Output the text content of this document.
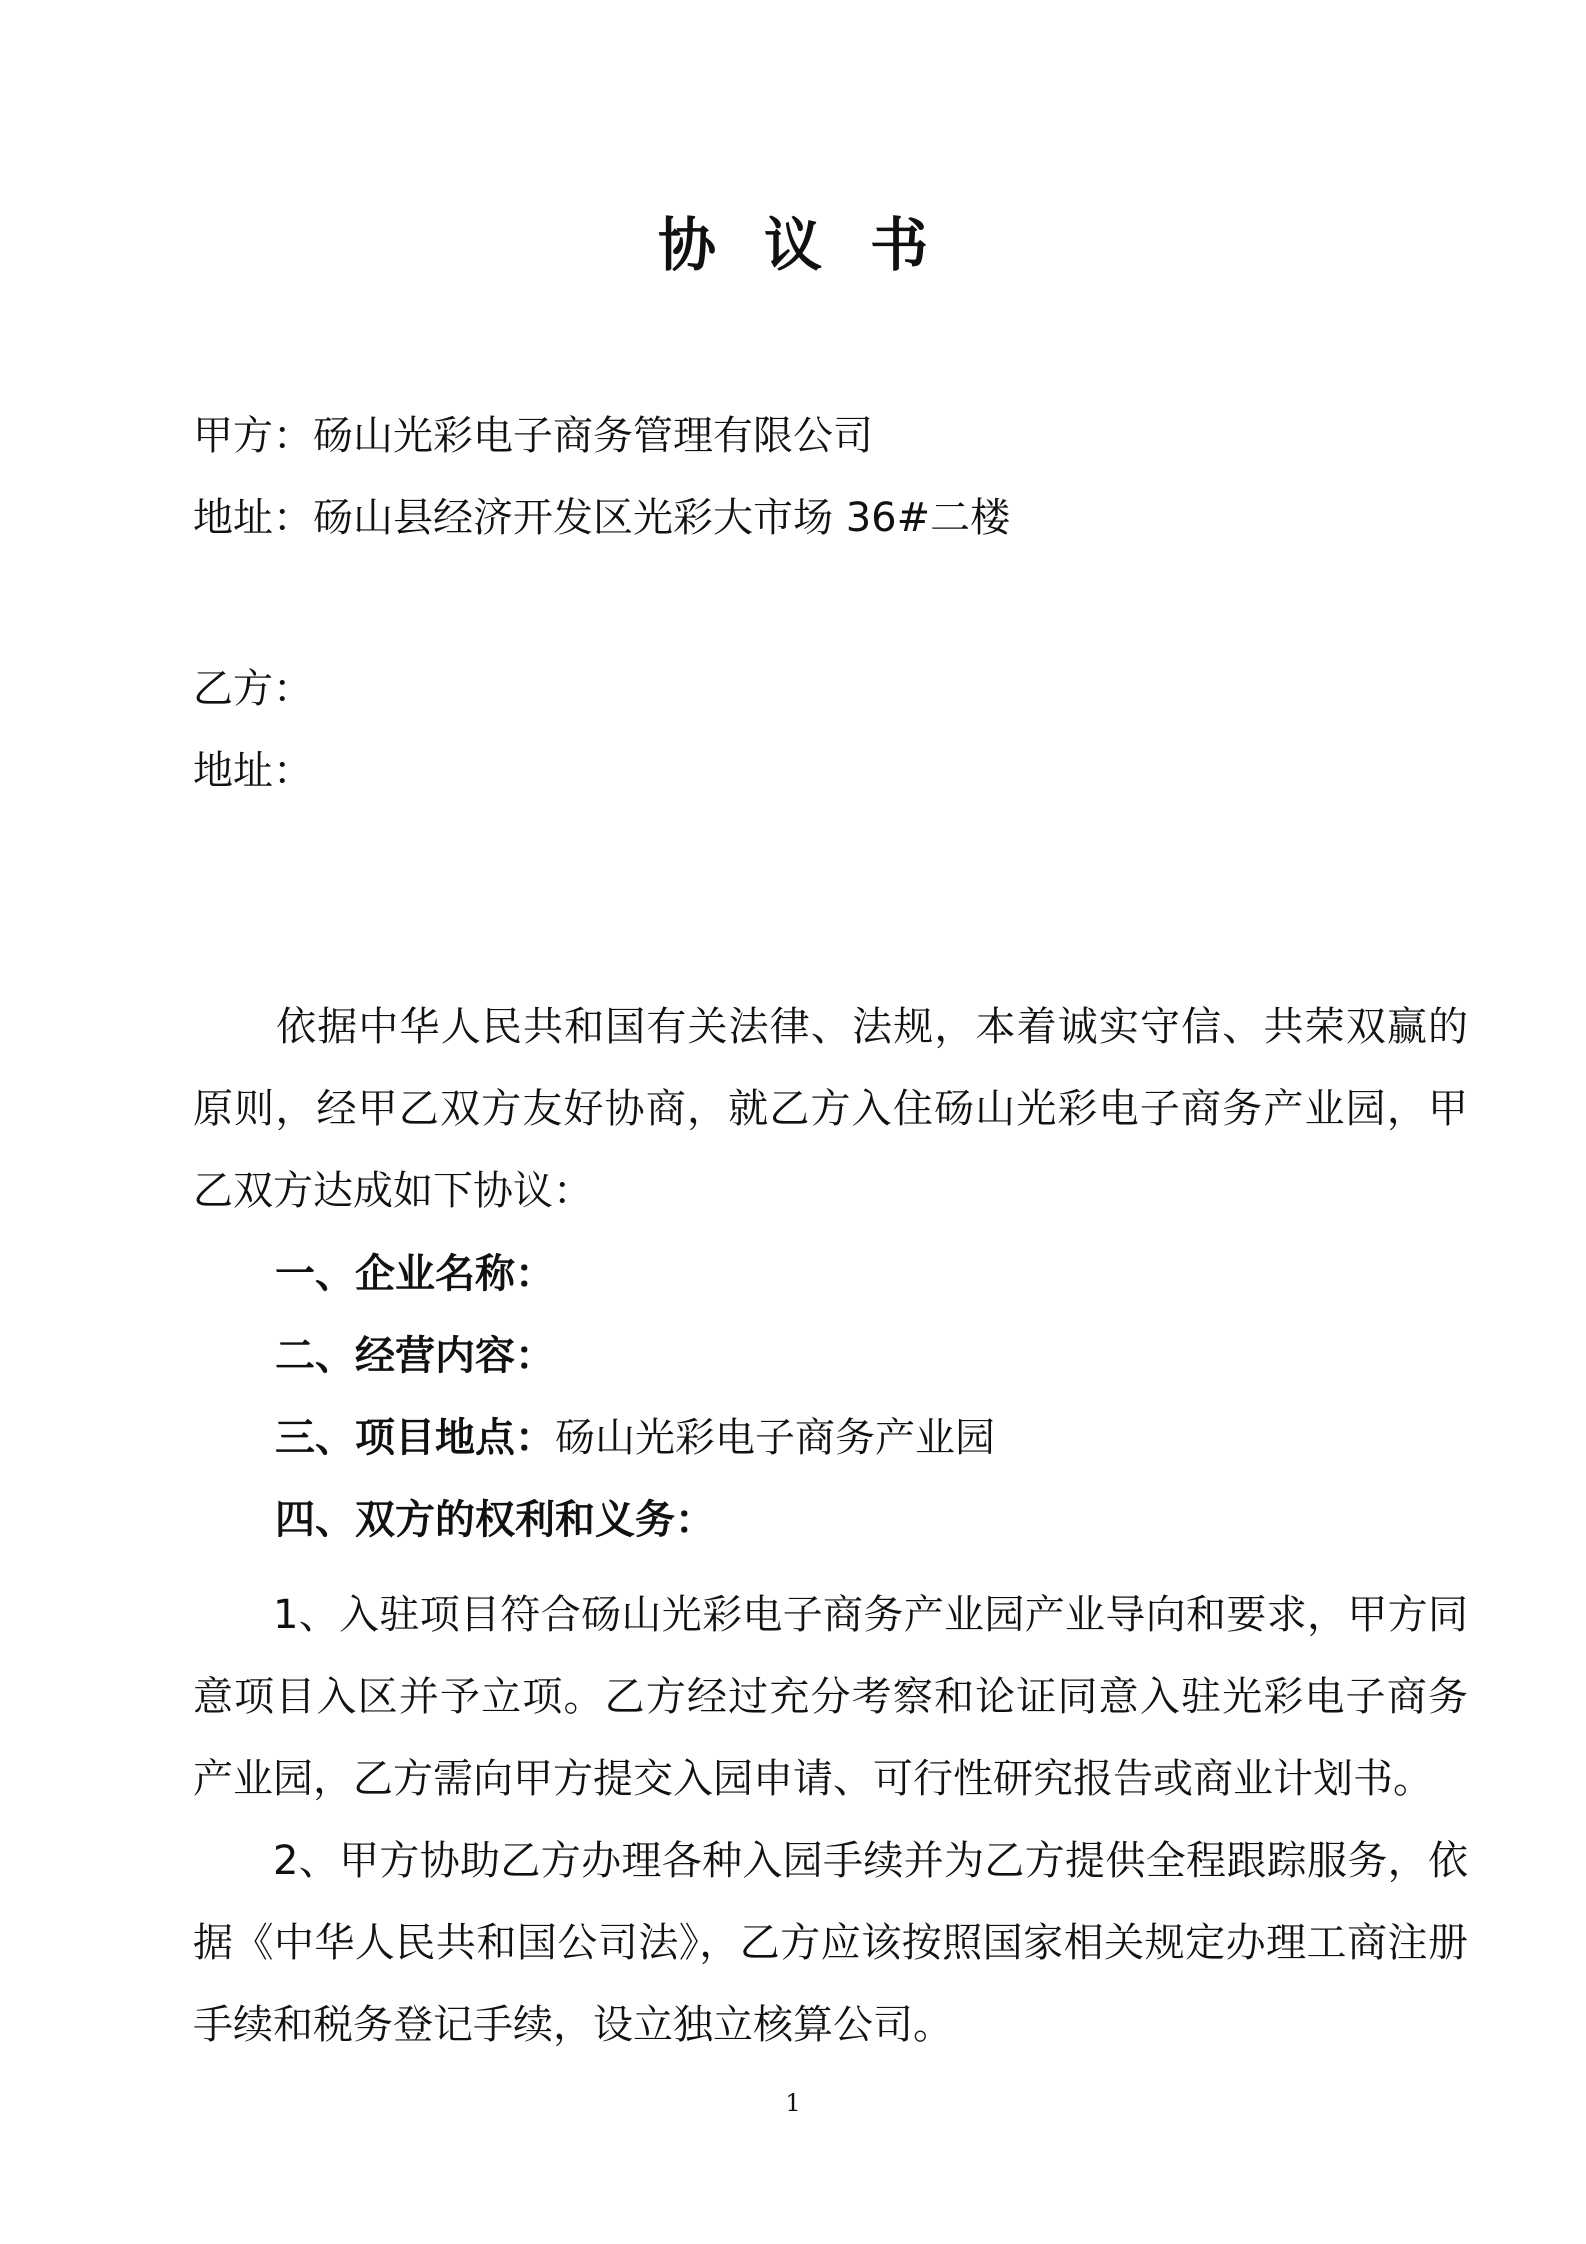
协议书
甲方：砀山光彩电子商务管理有限公司
地址：砀山县经济开发区光彩大市场 36#二楼
乙方：
地址：
依据中华人民共和国有关法律、法规，本着诚实守信、共荣双赢的原则，经甲乙双方友好协商，就乙方入住砀山光彩电子商务产业园，甲乙双方达成如下协议：
一、企业名称：
二、经营内容：
三、项目地点：砀山光彩电子商务产业园
四、双方的权利和义务：
1、入驻项目符合砀山光彩电子商务产业园产业导向和要求，甲方同意项目入区并予立项。乙方经过充分考察和论证同意入驻光彩电子商务产业园，乙方需向甲方提交入园申请、可行性研究报告或商业计划书。
2、甲方协助乙方办理各种入园手续并为乙方提供全程跟踪服务，依据《中华人民共和国公司法》，乙方应该按照国家相关规定办理工商注册手续和税务登记手续，设立独立核算公司。
1
